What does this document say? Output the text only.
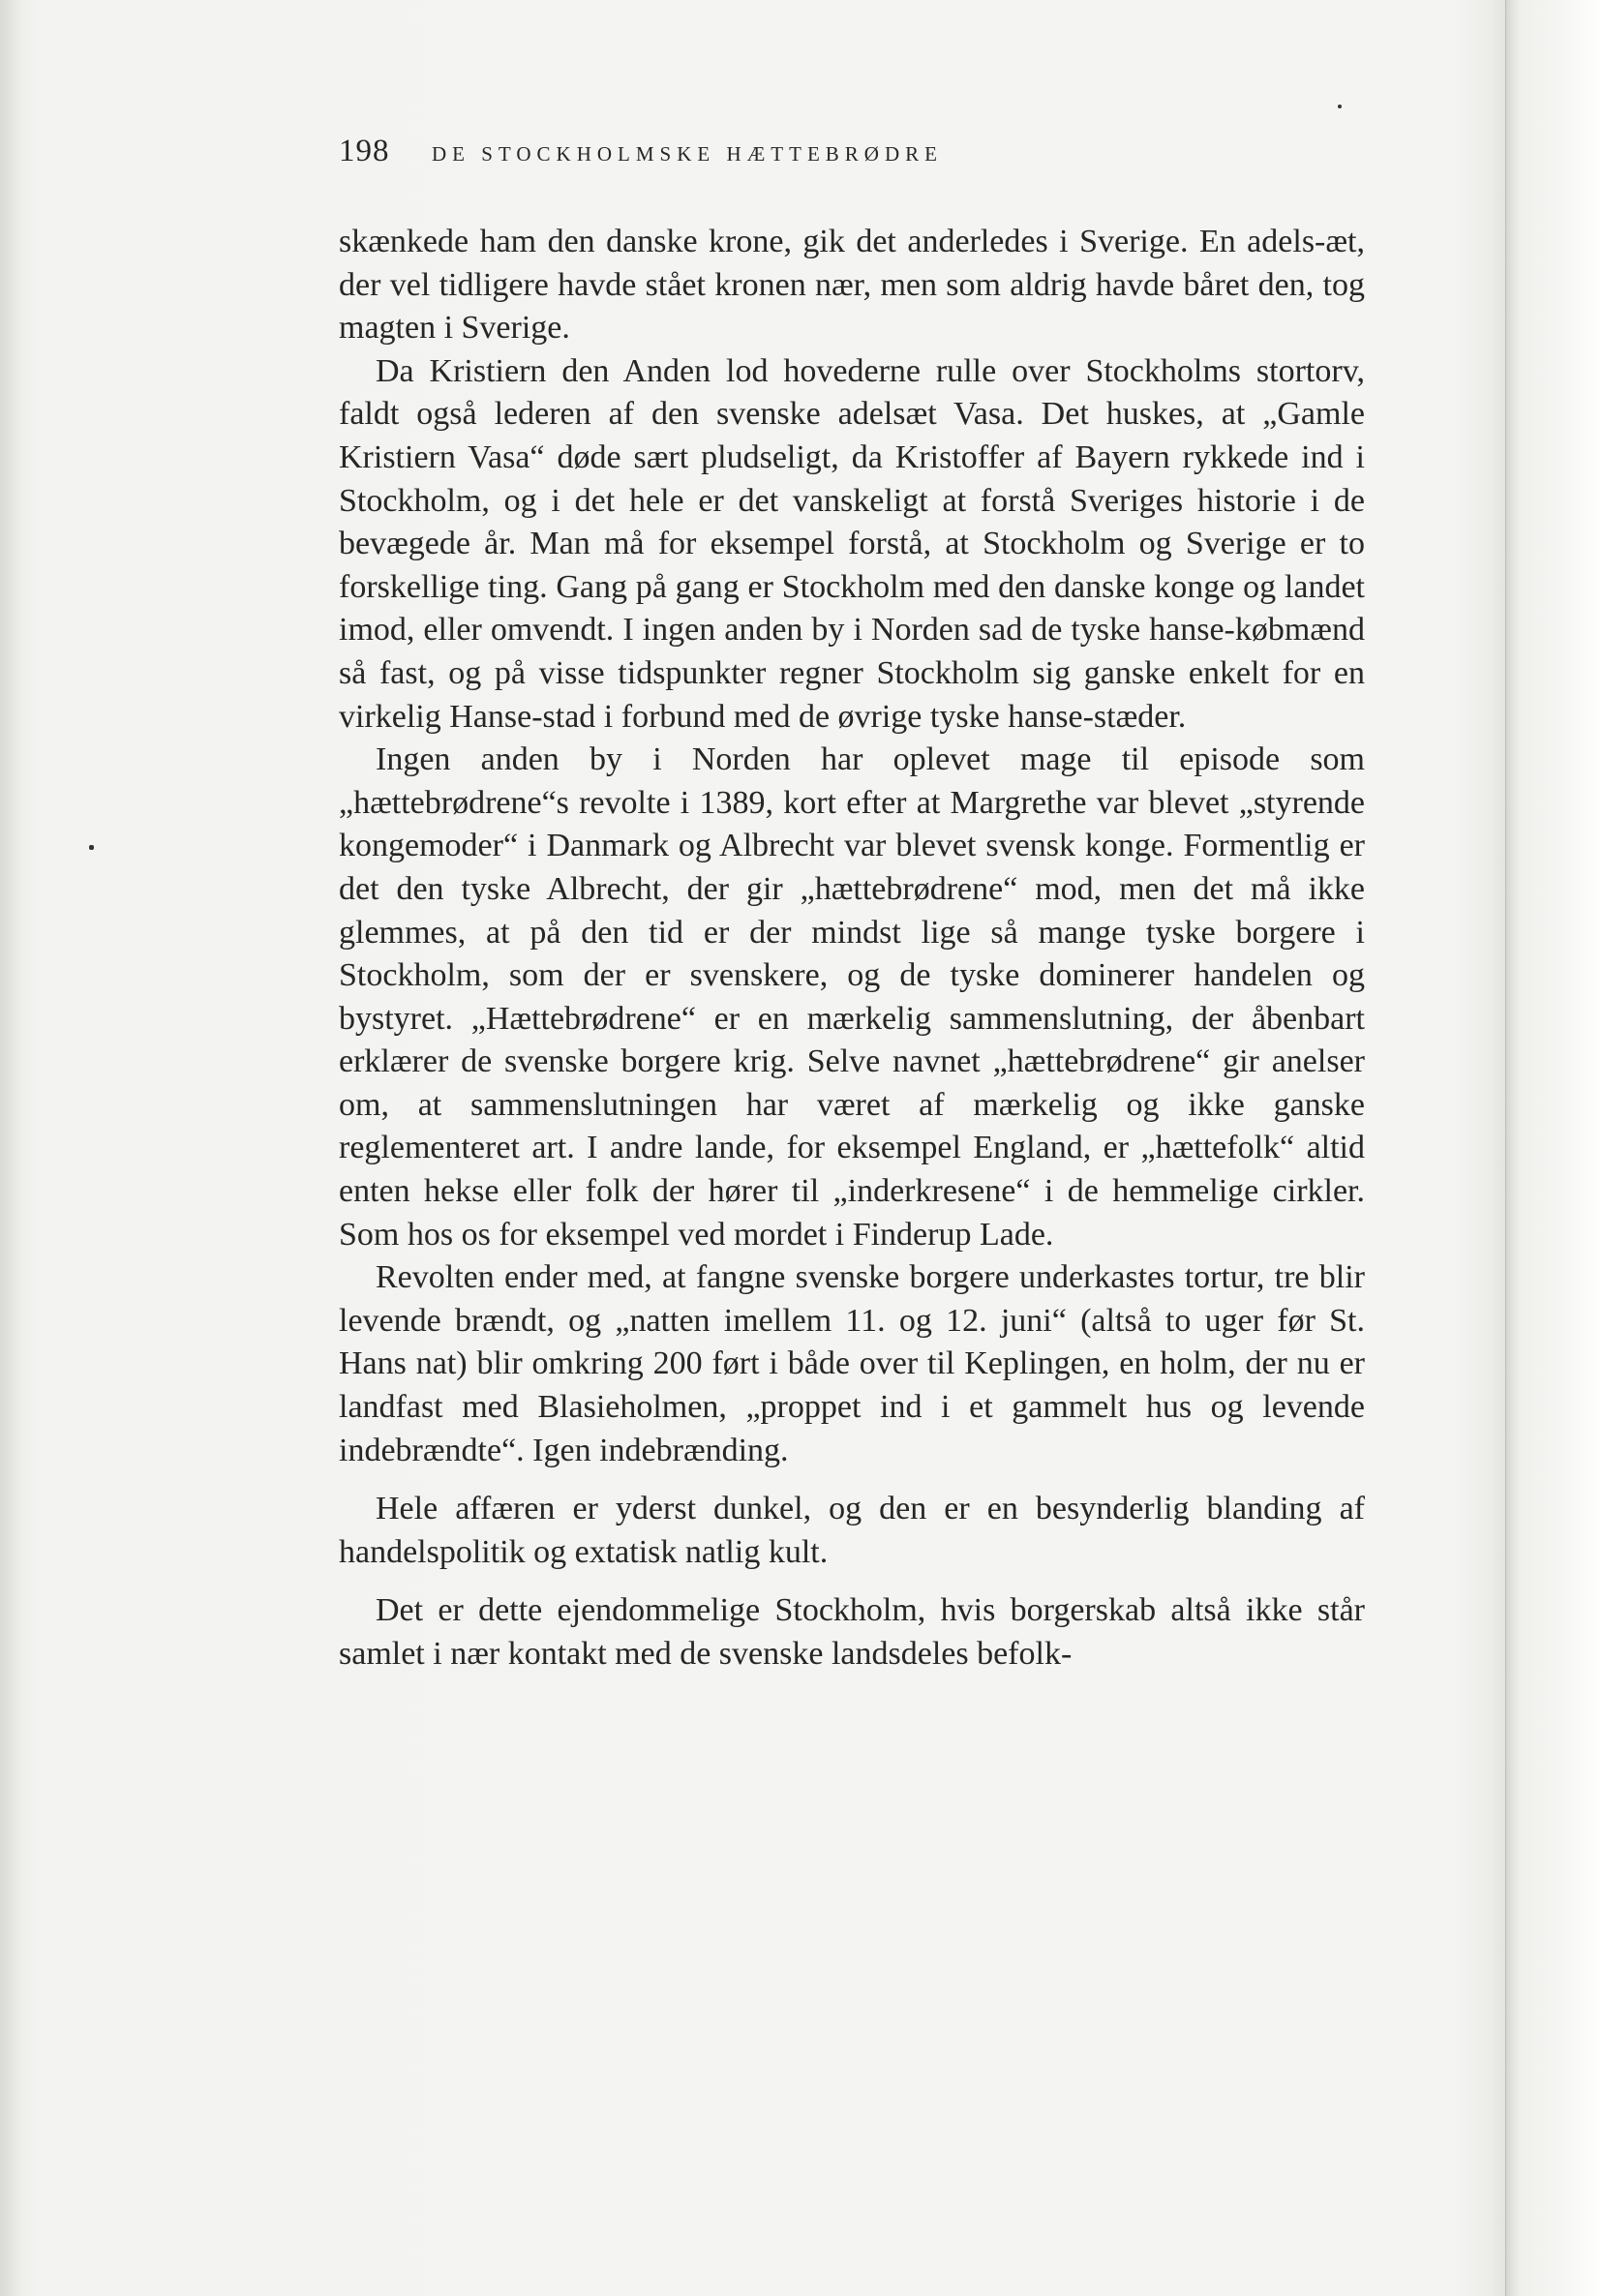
198	DE STOCKHOLMSKE HÆTTEBRØDRE

skænkede ham den danske krone, gik det anderledes i Sverige. En adels-æt, der vel tidligere havde stået kronen nær, men som aldrig havde båret den, tog magten i Sverige.

Da Kristiern den Anden lod hovederne rulle over Stockholms stortorv, faldt også lederen af den svenske adelsæt Vasa. Det huskes, at „Gamle Kristiern Vasa“ døde sært pludseligt, da Kristoffer af Bayern rykkede ind i Stockholm, og i det hele er det vanskeligt at forstå Sveriges historie i de bevægede år. Man må for eksempel forstå, at Stockholm og Sverige er to forskellige ting. Gang på gang er Stockholm med den danske konge og landet imod, eller omvendt. I ingen anden by i Norden sad de tyske hanse-købmænd så fast, og på visse tidspunkter regner Stockholm sig ganske enkelt for en virkelig Hanse-stad i forbund med de øvrige tyske hanse-stæder.

Ingen anden by i Norden har oplevet mage til episode som „hættebrødrene“s revolte i 1389, kort efter at Margrethe var blevet „styrende kongemoder“ i Danmark og Albrecht var blevet svensk konge. Formentlig er det den tyske Albrecht, der gir „hættebrødrene“ mod, men det må ikke glemmes, at på den tid er der mindst lige så mange tyske borgere i Stockholm, som der er svenskere, og de tyske dominerer handelen og bystyret. „Hættebrødrene“ er en mærkelig sammenslutning, der åbenbart erklærer de svenske borgere krig. Selve navnet „hættebrødrene“ gir anelser om, at sammenslutningen har været af mærkelig og ikke ganske reglementeret art. I andre lande, for eksempel England, er „hættefolk“ altid enten hekse eller folk der hører til „inderkresene“ i de hemmelige cirkler. Som hos os for eksempel ved mordet i Finderup Lade.

Revolten ender med, at fangne svenske borgere underkastes tortur, tre blir levende brændt, og „natten imellem 11. og 12. juni“ (altså to uger før St. Hans nat) blir omkring 200 ført i både over til Keplingen, en holm, der nu er landfast med Blasieholmen, „proppet ind i et gammelt hus og levende indebrændte“. Igen indebrænding.

Hele affæren er yderst dunkel, og den er en besynderlig blanding af handelspolitik og extatisk natlig kult.

Det er dette ejendommelige Stockholm, hvis borgerskab altså ikke står samlet i nær kontakt med de svenske landsdeles befolk-
